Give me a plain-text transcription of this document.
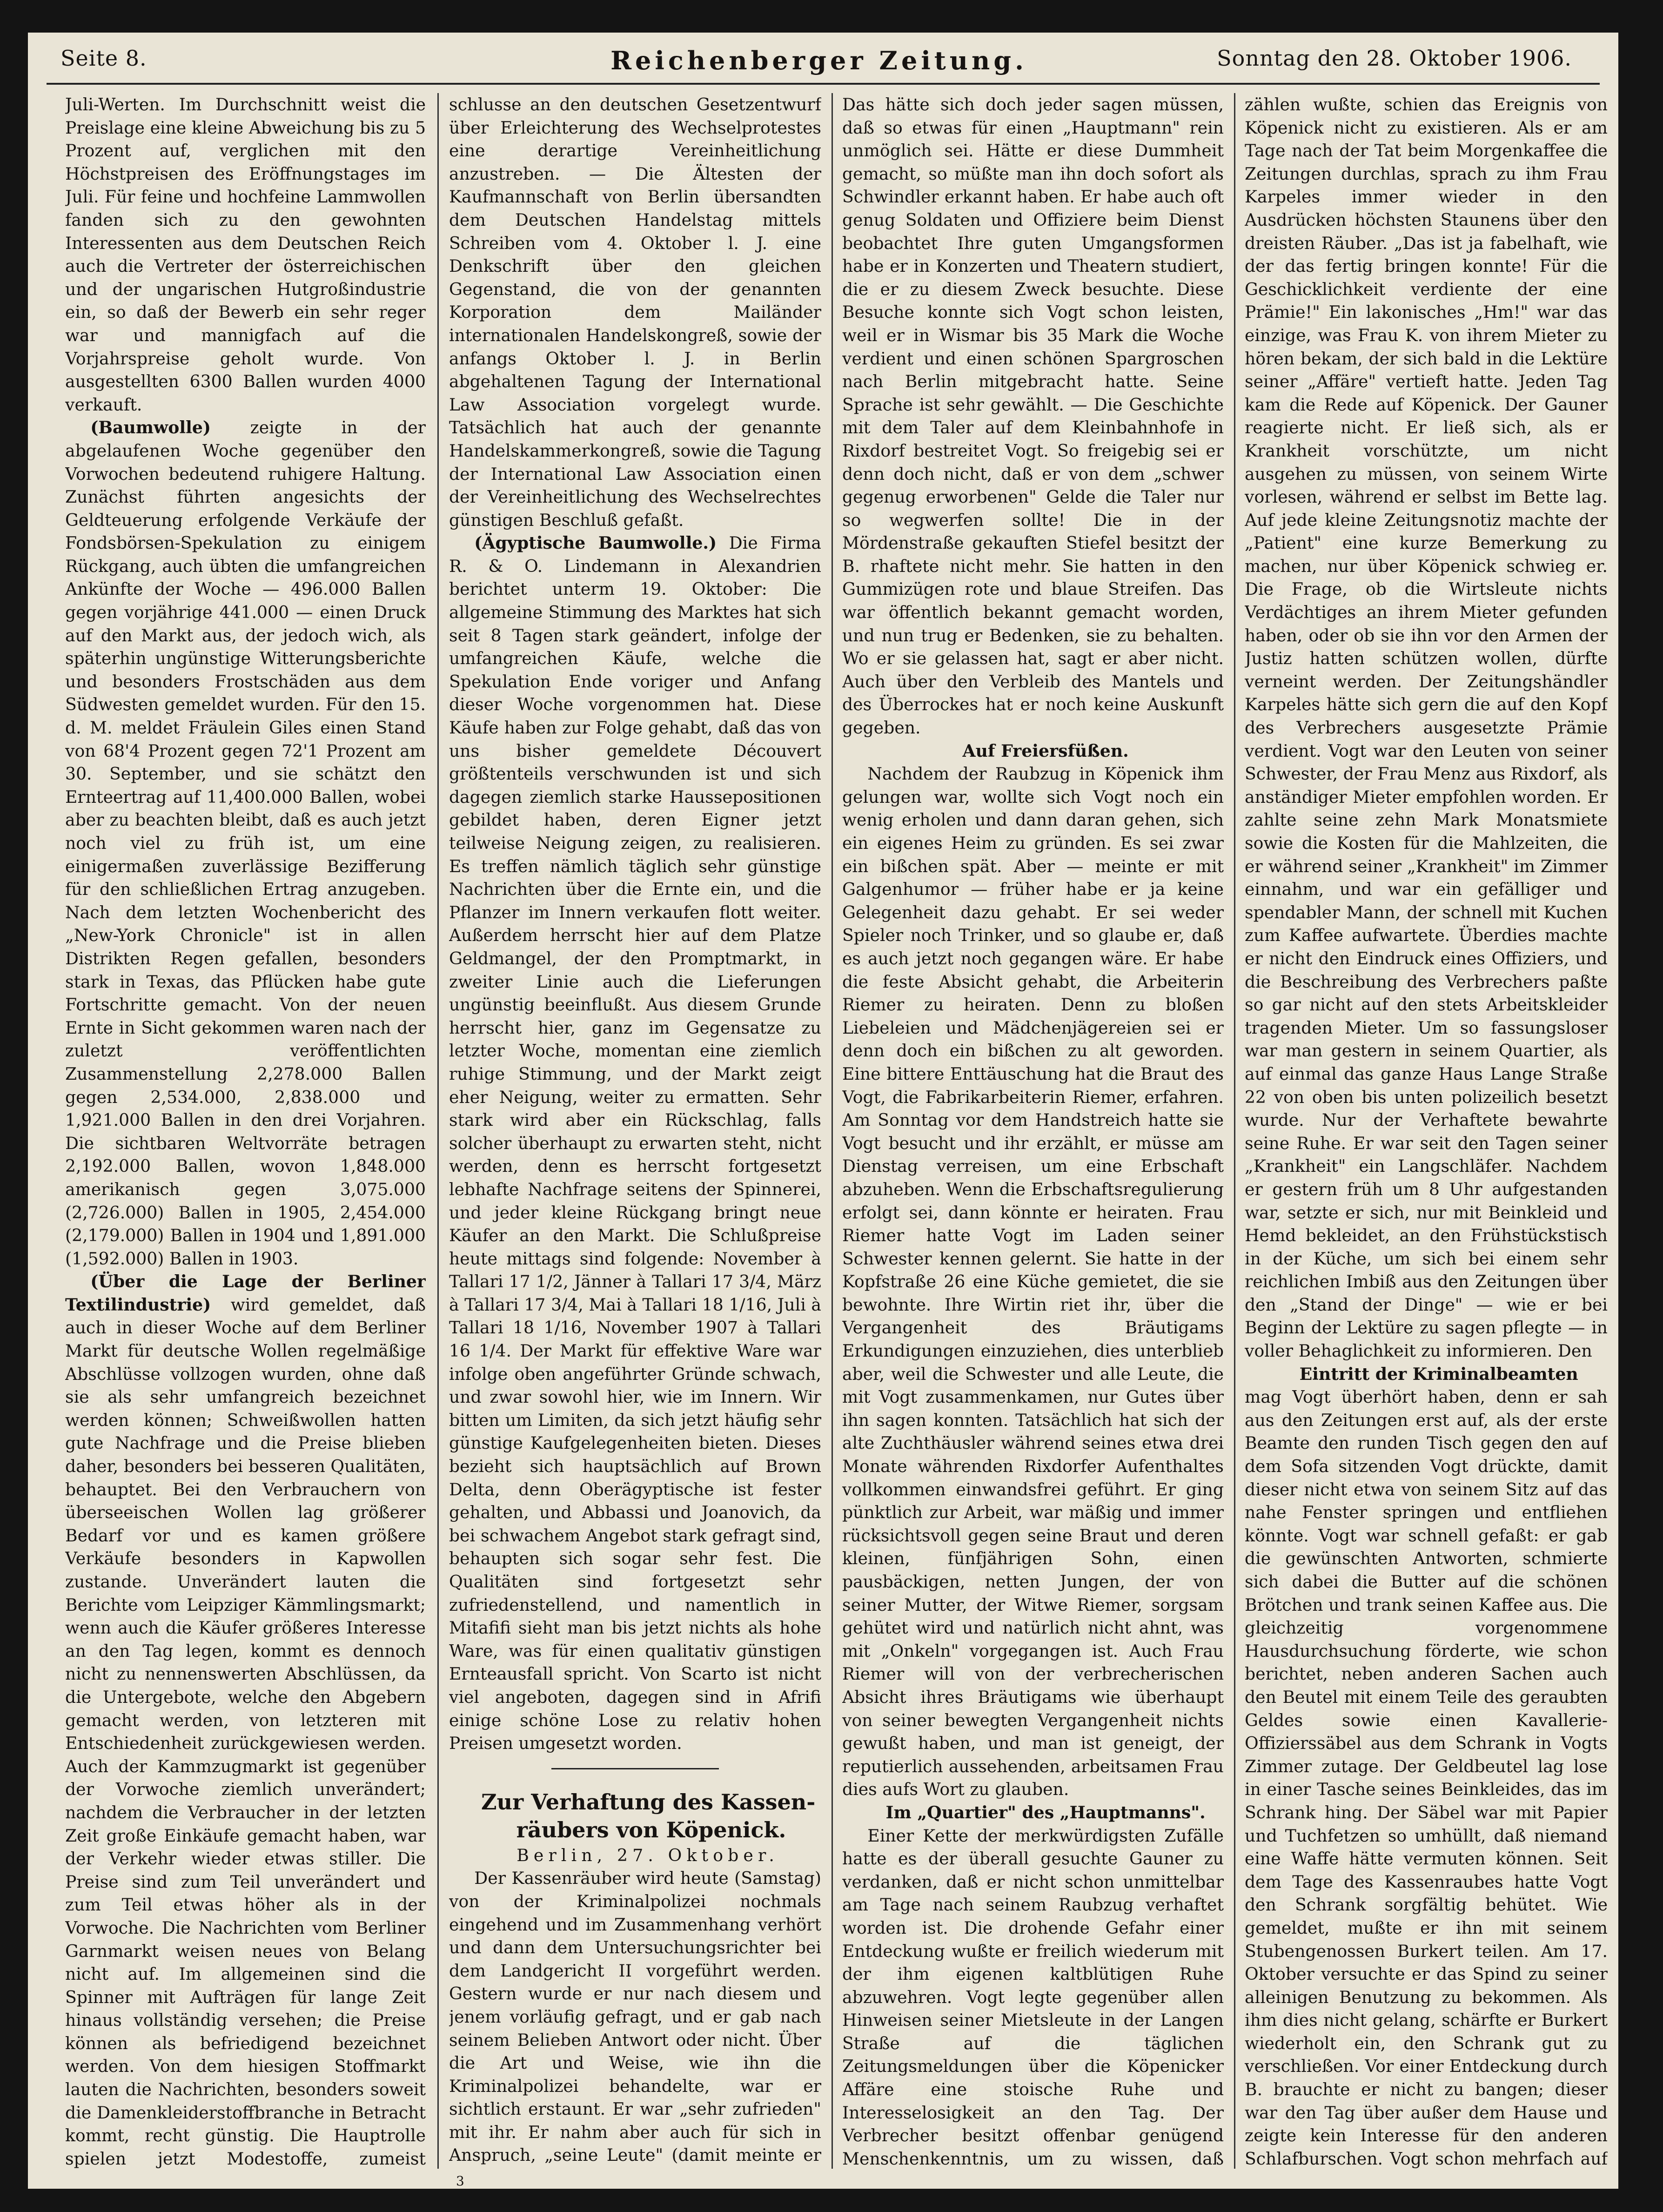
Seite 8.	Reichenberger Zeitung.	Sonntag den 28. Oktober 1906.

Juli-Werten. Im Durchschnitt weist die Preislage eine kleine Abweichung bis zu 5 Prozent auf, verglichen mit den Höchstpreisen des Eröffnungstages im Juli. Für feine und hochfeine Lammwollen fanden sich zu den gewohnten Interessenten aus dem Deutschen Reich auch die Vertreter der österreichischen und der ungarischen Hutgroßindustrie ein, so daß der Bewerb ein sehr reger war und mannigfach auf die Vorjahrspreise geholt wurde. Von ausgestellten 6300 Ballen wurden 4000 verkauft.

(Baumwolle) zeigte in der abgelaufenen Woche gegenüber den Vorwochen bedeutend ruhigere Haltung. Zunächst führten angesichts der Geldteuerung erfolgende Verkäufe der Fondsbörsen-Spekulation zu einigem Rückgang, auch übten die umfangreichen Ankünfte der Woche — 496.000 Ballen gegen vorjährige 441.000 — einen Druck auf den Markt aus, der jedoch wich, als späterhin ungünstige Witterungsberichte und besonders Frostschäden aus dem Südwesten gemeldet wurden. Für den 15. d. M. meldet Fräulein Giles einen Stand von 68'4 Prozent gegen 72'1 Prozent am 30. September, und sie schätzt den Ernteertrag auf 11,400.000 Ballen, wobei aber zu beachten bleibt, daß es auch jetzt noch viel zu früh ist, um eine einigermaßen zuverlässige Bezifferung für den schließlichen Ertrag anzugeben. Nach dem letzten Wochenbericht des „New-York Chronicle" ist in allen Distrikten Regen gefallen, besonders stark in Texas, das Pflücken habe gute Fortschritte gemacht. Von der neuen Ernte in Sicht gekommen waren nach der zuletzt veröffentlichten Zusammenstellung 2,278.000 Ballen gegen 2,534.000, 2,838.000 und 1,921.000 Ballen in den drei Vorjahren. Die sichtbaren Weltvorräte betragen 2,192.000 Ballen, wovon 1,848.000 amerikanisch gegen 3,075.000 (2,726.000) Ballen in 1905, 2,454.000 (2,179.000) Ballen in 1904 und 1,891.000 (1,592.000) Ballen in 1903.

(Über die Lage der Berliner Textilindustrie) wird gemeldet, daß auch in dieser Woche auf dem Berliner Markt für deutsche Wollen regelmäßige Abschlüsse vollzogen wurden, ohne daß sie als sehr umfangreich bezeichnet werden können; Schweißwollen hatten gute Nachfrage und die Preise blieben daher, besonders bei besseren Qualitäten, behauptet. Bei den Verbrauchern von überseeischen Wollen lag größerer Bedarf vor und es kamen größere Verkäufe besonders in Kapwollen zustande. Unverändert lauten die Berichte vom Leipziger Kämmlingsmarkt; wenn auch die Käufer größeres Interesse an den Tag legen, kommt es dennoch nicht zu nennenswerten Abschlüssen, da die Untergebote, welche den Abgebern gemacht werden, von letzteren mit Entschiedenheit zurückgewiesen werden. Auch der Kammzugmarkt ist gegenüber der Vorwoche ziemlich unverändert; nachdem die Verbraucher in der letzten Zeit große Einkäufe gemacht haben, war der Verkehr wieder etwas stiller. Die Preise sind zum Teil unverändert und zum Teil etwas höher als in der Vorwoche. Die Nachrichten vom Berliner Garnmarkt weisen neues von Belang nicht auf. Im allgemeinen sind die Spinner mit Aufträgen für lange Zeit hinaus vollständig versehen; die Preise können als befriedigend bezeichnet werden. Von dem hiesigen Stoffmarkt lauten die Nachrichten, besonders soweit die Damenkleiderstoffbranche in Betracht kommt, recht günstig. Die Hauptrolle spielen jetzt Modestoffe, zumeist

schlusse an den deutschen Gesetzentwurf über Erleichterung des Wechselprotestes eine derartige Vereinheitlichung anzustreben. — Die Ältesten der Kaufmannschaft von Berlin übersandten dem Deutschen Handelstag mittels Schreiben vom 4. Oktober l. J. eine Denkschrift über den gleichen Gegenstand, die von der genannten Korporation dem Mailänder internationalen Handelskongreß, sowie der anfangs Oktober l. J. in Berlin abgehaltenen Tagung der International Law Association vorgelegt wurde. Tatsächlich hat auch der genannte Handelskammerkongreß, sowie die Tagung der International Law Association einen der Vereinheitlichung des Wechselrechtes günstigen Beschluß gefaßt.

(Ägyptische Baumwolle.) Die Firma R. & O. Lindemann in Alexandrien berichtet unterm 19. Oktober: Die allgemeine Stimmung des Marktes hat sich seit 8 Tagen stark geändert, infolge der umfangreichen Käufe, welche die Spekulation Ende voriger und Anfang dieser Woche vorgenommen hat. Diese Käufe haben zur Folge gehabt, daß das von uns bisher gemeldete Découvert größtenteils verschwunden ist und sich dagegen ziemlich starke Haussepositionen gebildet haben, deren Eigner jetzt teilweise Neigung zeigen, zu realisieren. Es treffen nämlich täglich sehr günstige Nachrichten über die Ernte ein, und die Pflanzer im Innern verkaufen flott weiter. Außerdem herrscht hier auf dem Platze Geldmangel, der den Promptmarkt, in zweiter Linie auch die Lieferungen ungünstig beeinflußt. Aus diesem Grunde herrscht hier, ganz im Gegensatze zu letzter Woche, momentan eine ziemlich ruhige Stimmung, und der Markt zeigt eher Neigung, weiter zu ermatten. Sehr stark wird aber ein Rückschlag, falls solcher überhaupt zu erwarten steht, nicht werden, denn es herrscht fortgesetzt lebhafte Nachfrage seitens der Spinnerei, und jeder kleine Rückgang bringt neue Käufer an den Markt. Die Schlußpreise heute mittags sind folgende: November à Tallari 17 1/2, Jänner à Tallari 17 3/4, März à Tallari 17 3/4, Mai à Tallari 18 1/16, Juli à Tallari 18 1/16, November 1907 à Tallari 16 1/4. Der Markt für effektive Ware war infolge oben angeführter Gründe schwach, und zwar sowohl hier, wie im Innern. Wir bitten um Limiten, da sich jetzt häufig sehr günstige Kaufgelegenheiten bieten. Dieses bezieht sich hauptsächlich auf Brown Delta, denn Oberägyptische ist fester gehalten, und Abbassi und Joanovich, da bei schwachem Angebot stark gefragt sind, behaupten sich sogar sehr fest. Die Qualitäten sind fortgesetzt sehr zufriedenstellend, und namentlich in Mitafifi sieht man bis jetzt nichts als hohe Ware, was für einen qualitativ günstigen Ernteausfall spricht. Von Scarto ist nicht viel angeboten, dagegen sind in Afrifi einige schöne Lose zu relativ hohen Preisen umgesetzt worden.

Zur Verhaftung des Kassen-

räubers von Köpenick.

Berlin, 27. Oktober.

Der Kassenräuber wird heute (Samstag) von der Kriminalpolizei nochmals eingehend und im Zusammenhang verhört und dann dem Untersuchungsrichter bei dem Landgericht II vorgeführt werden. Gestern wurde er nur nach diesem und jenem vorläufig gefragt, und er gab nach seinem Belieben Antwort oder nicht. Über die Art und Weise, wie ihn die Kriminalpolizei behandelte, war er sichtlich erstaunt. Er war „sehr zufrieden" mit ihr. Er nahm aber auch für sich in Anspruch, „seine Leute" (damit meinte er

Das hätte sich doch jeder sagen müssen, daß so etwas für einen „Hauptmann" rein unmöglich sei. Hätte er diese Dummheit gemacht, so müßte man ihn doch sofort als Schwindler erkannt haben. Er habe auch oft genug Soldaten und Offiziere beim Dienst beobachtet Ihre guten Umgangsformen habe er in Konzerten und Theatern studiert, die er zu diesem Zweck besuchte. Diese Besuche konnte sich Vogt schon leisten, weil er in Wismar bis 35 Mark die Woche verdient und einen schönen Spargroschen nach Berlin mitgebracht hatte. Seine Sprache ist sehr gewählt. — Die Geschichte mit dem Taler auf dem Kleinbahnhofe in Rixdorf bestreitet Vogt. So freigebig sei er denn doch nicht, daß er von dem „schwer gegenug erworbenen" Gelde die Taler nur so wegwerfen sollte! Die in der Mördenstraße gekauften Stiefel besitzt der B. rhaftete nicht mehr. Sie hatten in den Gummizügen rote und blaue Streifen. Das war öffentlich bekannt gemacht worden, und nun trug er Bedenken, sie zu behalten. Wo er sie gelassen hat, sagt er aber nicht. Auch über den Verbleib des Mantels und des Überrockes hat er noch keine Auskunft gegeben.

Auf Freiersfüßen.

Nachdem der Raubzug in Köpenick ihm gelungen war, wollte sich Vogt noch ein wenig erholen und dann daran gehen, sich ein eigenes Heim zu gründen. Es sei zwar ein bißchen spät. Aber — meinte er mit Galgenhumor — früher habe er ja keine Gelegenheit dazu gehabt. Er sei weder Spieler noch Trinker, und so glaube er, daß es auch jetzt noch gegangen wäre. Er habe die feste Absicht gehabt, die Arbeiterin Riemer zu heiraten. Denn zu bloßen Liebeleien und Mädchenjägereien sei er denn doch ein bißchen zu alt geworden. Eine bittere Enttäuschung hat die Braut des Vogt, die Fabrikarbeiterin Riemer, erfahren. Am Sonntag vor dem Handstreich hatte sie Vogt besucht und ihr erzählt, er müsse am Dienstag verreisen, um eine Erbschaft abzuheben. Wenn die Erbschaftsregulierung erfolgt sei, dann könnte er heiraten. Frau Riemer hatte Vogt im Laden seiner Schwester kennen gelernt. Sie hatte in der Kopfstraße 26 eine Küche gemietet, die sie bewohnte. Ihre Wirtin riet ihr, über die Vergangenheit des Bräutigams Erkundigungen einzuziehen, dies unterblieb aber, weil die Schwester und alle Leute, die mit Vogt zusammenkamen, nur Gutes über ihn sagen konnten. Tatsächlich hat sich der alte Zuchthäusler während seines etwa drei Monate währenden Rixdorfer Aufenthaltes vollkommen einwandsfrei geführt. Er ging pünktlich zur Arbeit, war mäßig und immer rücksichtsvoll gegen seine Braut und deren kleinen, fünfjährigen Sohn, einen pausbäckigen, netten Jungen, der von seiner Mutter, der Witwe Riemer, sorgsam gehütet wird und natürlich nicht ahnt, was mit „Onkeln" vorgegangen ist. Auch Frau Riemer will von der verbrecherischen Absicht ihres Bräutigams wie überhaupt von seiner bewegten Vergangenheit nichts gewußt haben, und man ist geneigt, der reputierlich aussehenden, arbeitsamen Frau dies aufs Wort zu glauben.

Im „Quartier" des „Hauptmanns".

Einer Kette der merkwürdigsten Zufälle hatte es der überall gesuchte Gauner zu verdanken, daß er nicht schon unmittelbar am Tage nach seinem Raubzug verhaftet worden ist. Die drohende Gefahr einer Entdeckung wußte er freilich wiederum mit der ihm eigenen kaltblütigen Ruhe abzuwehren. Vogt legte gegenüber allen Hinweisen seiner Mietsleute in der Langen Straße auf die täglichen Zeitungsmeldungen über die Köpenicker Affäre eine stoische Ruhe und Interesselosigkeit an den Tag. Der Verbrecher besitzt offenbar genügend Menschenkenntnis, um zu wissen, daß

zählen wußte, schien das Ereignis von Köpenick nicht zu existieren. Als er am Tage nach der Tat beim Morgenkaffee die Zeitungen durchlas, sprach zu ihm Frau Karpeles immer wieder in den Ausdrücken höchsten Staunens über den dreisten Räuber. „Das ist ja fabelhaft, wie der das fertig bringen konnte! Für die Geschicklichkeit verdiente der eine Prämie!" Ein lakonisches „Hm!" war das einzige, was Frau K. von ihrem Mieter zu hören bekam, der sich bald in die Lektüre seiner „Affäre" vertieft hatte. Jeden Tag kam die Rede auf Köpenick. Der Gauner reagierte nicht. Er ließ sich, als er Krankheit vorschützte, um nicht ausgehen zu müssen, von seinem Wirte vorlesen, während er selbst im Bette lag. Auf jede kleine Zeitungsnotiz machte der „Patient" eine kurze Bemerkung zu machen, nur über Köpenick schwieg er. Die Frage, ob die Wirtsleute nichts Verdächtiges an ihrem Mieter gefunden haben, oder ob sie ihn vor den Armen der Justiz hatten schützen wollen, dürfte verneint werden. Der Zeitungshändler Karpeles hätte sich gern die auf den Kopf des Verbrechers ausgesetzte Prämie verdient. Vogt war den Leuten von seiner Schwester, der Frau Menz aus Rixdorf, als anständiger Mieter empfohlen worden. Er zahlte seine zehn Mark Monatsmiete sowie die Kosten für die Mahlzeiten, die er während seiner „Krankheit" im Zimmer einnahm, und war ein gefälliger und spendabler Mann, der schnell mit Kuchen zum Kaffee aufwartete. Überdies machte er nicht den Eindruck eines Offiziers, und die Beschreibung des Verbrechers paßte so gar nicht auf den stets Arbeitskleider tragenden Mieter. Um so fassungsloser war man gestern in seinem Quartier, als auf einmal das ganze Haus Lange Straße 22 von oben bis unten polizeilich besetzt wurde. Nur der Verhaftete bewahrte seine Ruhe. Er war seit den Tagen seiner „Krankheit" ein Langschläfer. Nachdem er gestern früh um 8 Uhr aufgestanden war, setzte er sich, nur mit Beinkleid und Hemd bekleidet, an den Frühstückstisch in der Küche, um sich bei einem sehr reichlichen Imbiß aus den Zeitungen über den „Stand der Dinge" — wie er bei Beginn der Lektüre zu sagen pflegte — in voller Behaglichkeit zu informieren. Den

Eintritt der Kriminalbeamten

mag Vogt überhört haben, denn er sah aus den Zeitungen erst auf, als der erste Beamte den runden Tisch gegen den auf dem Sofa sitzenden Vogt drückte, damit dieser nicht etwa von seinem Sitz auf das nahe Fenster springen und entfliehen könnte. Vogt war schnell gefaßt: er gab die gewünschten Antworten, schmierte sich dabei die Butter auf die schönen Brötchen und trank seinen Kaffee aus. Die gleichzeitig vorgenommene Hausdurchsuchung förderte, wie schon berichtet, neben anderen Sachen auch den Beutel mit einem Teile des geraubten Geldes sowie einen Kavallerie-Offizierssäbel aus dem Schrank in Vogts Zimmer zutage. Der Geldbeutel lag lose in einer Tasche seines Beinkleides, das im Schrank hing. Der Säbel war mit Papier und Tuchfetzen so umhüllt, daß niemand eine Waffe hätte vermuten können. Seit dem Tage des Kassenraubes hatte Vogt den Schrank sorgfältig behütet. Wie gemeldet, mußte er ihn mit seinem Stubengenossen Burkert teilen. Am 17. Oktober versuchte er das Spind zu seiner alleinigen Benutzung zu bekommen. Als ihm dies nicht gelang, schärfte er Burkert wiederholt ein, den Schrank gut zu verschließen. Vor einer Entdeckung durch B. brauchte er nicht zu bangen; dieser war den Tag über außer dem Hause und zeigte kein Interesse für den anderen Schlafburschen. Vogt schon mehrfach auf

3
